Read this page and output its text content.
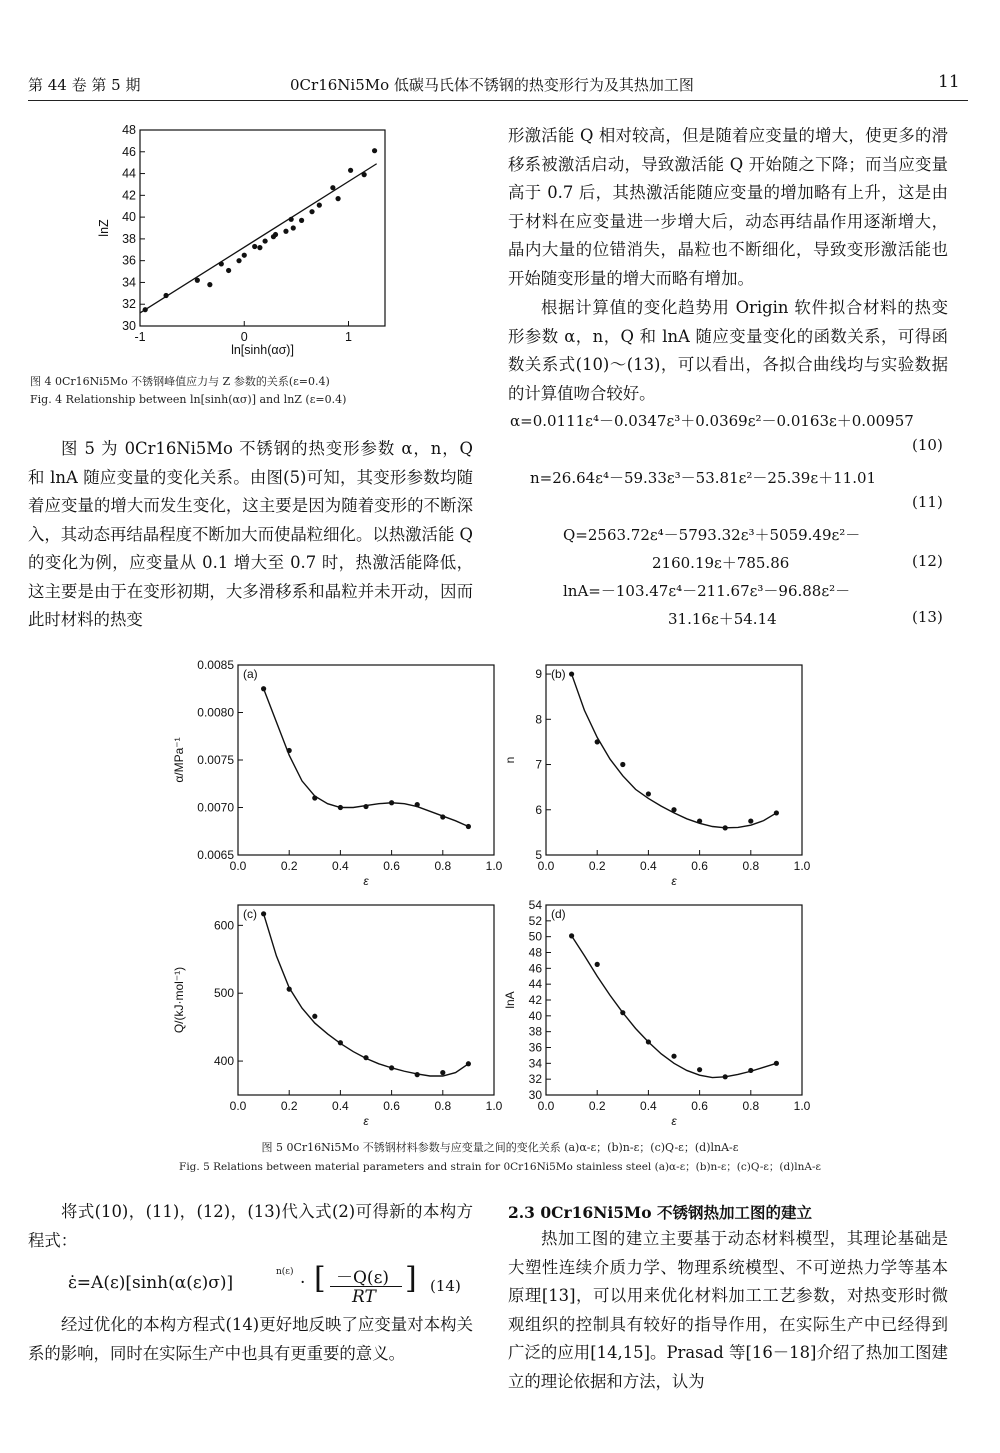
第 44 卷 第 5 期	0Cr16Ni5Mo 低碳马氏体不锈钢的热变形行为及其热加工图	11
-1	0	1
30
32
34
36
38
40
42
44
46
48
ln[sinh(ασ)]
lnZ
图 4 0Cr16Ni5Mo 不锈钢峰值应力与 Z 参数的关系(ε=0.4)
Fig. 4 Relationship between ln[sinh(ασ)] and lnZ (ε=0.4)

图 5 为 0Cr16Ni5Mo 不锈钢的热变形参数 α，n，Q 和 lnA 随应变量的变化关系。由图(5)可知，其变形参数均随着应变量的增大而发生变化，这主要是因为随着变形的不断深入，其动态再结晶程度不断加大而使晶粒细化。以热激活能 Q 的变化为例，应变量从 0.1 增大至 0.7 时，热激活能降低，这主要是由于在变形初期，大多滑移系和晶粒并未开动，因而此时材料的热变

形激活能 Q 相对较高，但是随着应变量的增大，使更多的滑移系被激活启动，导致激活能 Q 开始随之下降；而当应变量高于 0.7 后，其热激活能随应变量的增加略有上升，这是由于材料在应变量进一步增大后，动态再结晶作用逐渐增大，晶内大量的位错消失，晶粒也不断细化，导致变形激活能也开始随变形量的增大而略有增加。

根据计算值的变化趋势用 Origin 软件拟合材料的热变形参数 α，n，Q 和 lnA 随应变量变化的函数关系，可得函数关系式(10)～(13)，可以看出，各拟合曲线均与实验数据的计算值吻合较好。

α=0.0111ε⁴－0.0347ε³＋0.0369ε²－0.0163ε＋0.00957
(10)
n=26.64ε⁴－59.33ε³－53.81ε²－25.39ε＋11.01
(11)
Q=2563.72ε⁴－5793.32ε³＋5059.49ε²－
2160.19ε＋785.86	(12)
lnA=－103.47ε⁴－211.67ε³－96.88ε²－
31.16ε＋54.14	(13)
0.0	0.2	0.4	0.6	0.8	1.0
0.0065
0.0070
0.0075
0.0080
0.0085
ε
α/MPa⁻¹
(a)
0.0	0.2	0.4	0.6	0.8	1.0
5
6
7
8
9
ε
n
(b)
0.0	0.2	0.4	0.6	0.8	1.0
400
500
600
ε
Q/(kJ·mol⁻¹)
(c)
0.0	0.2	0.4	0.6	0.8	1.0
30
32
34
36
38
40
42
44
46
48
50
52
54
ε
lnA
(d)
图 5 0Cr16Ni5Mo 不锈钢材料参数与应变量之间的变化关系 (a)α-ε；(b)n-ε；(c)Q-ε；(d)lnA-ε
Fig. 5 Relations between material parameters and strain for 0Cr16Ni5Mo stainless steel (a)α-ε；(b)n-ε；(c)Q-ε；(d)lnA-ε

将式(10)，(11)，(12)，(13)代入式(2)可得新的本构方程式：

ε̇=A(ε)[sinh(α(ε)σ)]
n(ε)
· [ －Q(ε)
RT
] (14)

经过优化的本构方程式(14)更好地反映了应变量对本构关系的影响，同时在实际生产中也具有更重要的意义。

2.3 0Cr16Ni5Mo 不锈钢热加工图的建立

热加工图的建立主要基于动态材料模型，其理论基础是大塑性连续介质力学、物理系统模型、不可逆热力学等基本原理[13]，可以用来优化材料加工工艺参数，对热变形时微观组织的控制具有较好的指导作用，在实际生产中已经得到广泛的应用[14,15]。Prasad 等[16－18]介绍了热加工图建立的理论依据和方法，认为
